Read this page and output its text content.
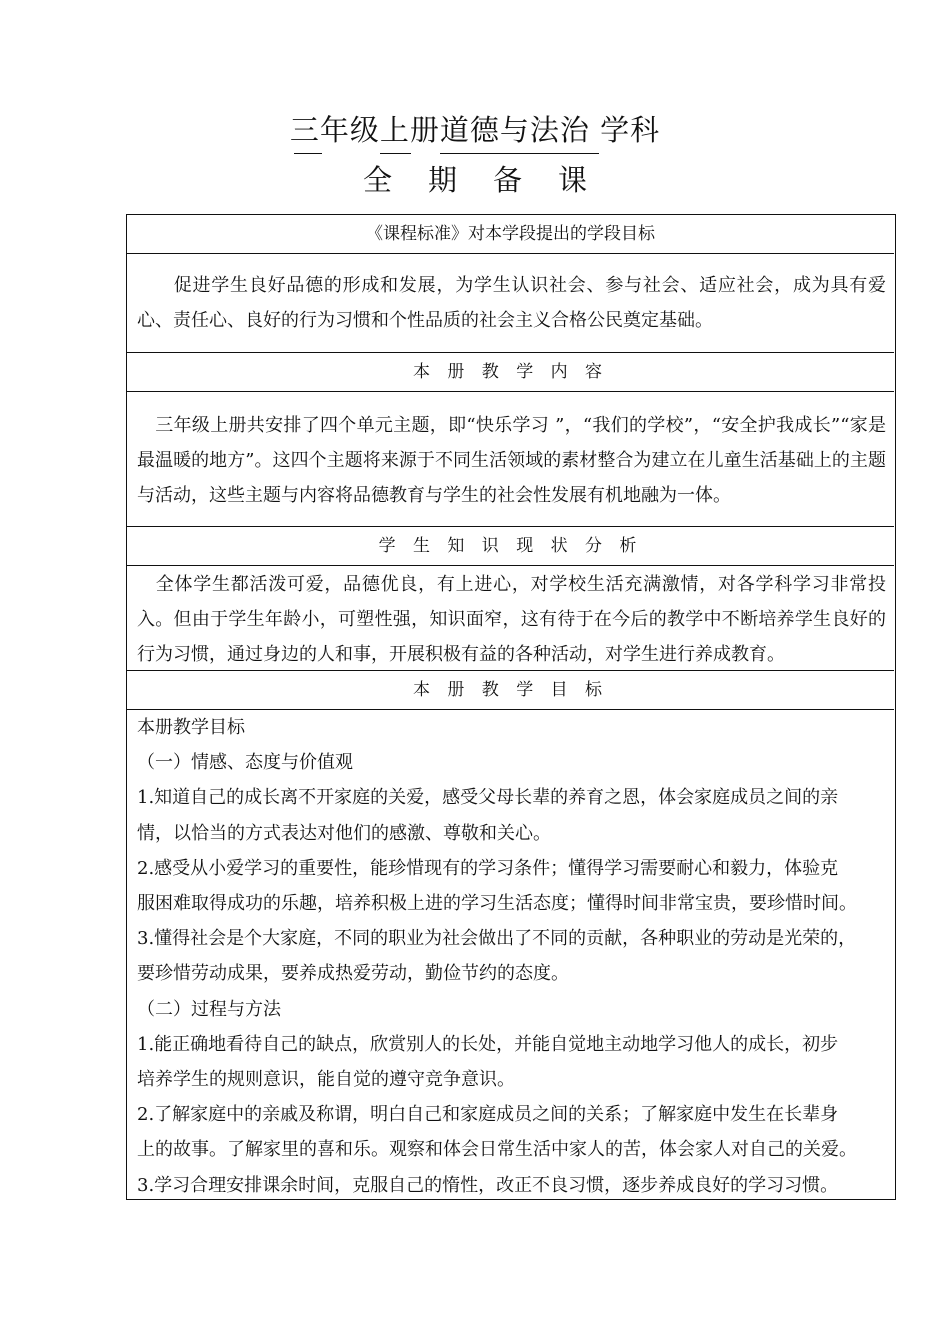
三年级上册道德与法治 学科
全 期 备 课
《课程标准》对本学段提出的学段目标
促进学生良好品德的形成和发展，为学生认识社会、参与社会、适应社会，成为具有爱心、责任心、良好的行为习惯和个性品质的社会主义合格公民奠定基础。
本 册 教 学 内 容
三年级上册共安排了四个单元主题，即“快乐学习 ”，“我们的学校”，“安全护我成长”“家是最温暖的地方”。这四个主题将来源于不同生活领域的素材整合为建立在儿童生活基础上的主题与活动，这些主题与内容将品德教育与学生的社会性发展有机地融为一体。
学 生 知 识 现 状 分 析
全体学生都活泼可爱，品德优良，有上进心，对学校生活充满激情，对各学科学习非常投入。但由于学生年龄小，可塑性强，知识面窄，这有待于在今后的教学中不断培养学生良好的行为习惯，通过身边的人和事，开展积极有益的各种活动，对学生进行养成教育。
本 册 教 学 目 标
本册教学目标
（一）情感、态度与价值观
1.知道自己的成长离不开家庭的关爱，感受父母长辈的养育之恩，体会家庭成员之间的亲
情，以恰当的方式表达对他们的感激、尊敬和关心。
2.感受从小爱学习的重要性，能珍惜现有的学习条件；懂得学习需要耐心和毅力，体验克
服困难取得成功的乐趣，培养积极上进的学习生活态度；懂得时间非常宝贵，要珍惜时间。
3.懂得社会是个大家庭，不同的职业为社会做出了不同的贡献，各种职业的劳动是光荣的，
要珍惜劳动成果，要养成热爱劳动，勤俭节约的态度。
（二）过程与方法
1.能正确地看待自己的缺点，欣赏别人的长处，并能自觉地主动地学习他人的成长，初步
培养学生的规则意识，能自觉的遵守竞争意识。
2.了解家庭中的亲戚及称谓，明白自己和家庭成员之间的关系；了解家庭中发生在长辈身
上的故事。了解家里的喜和乐。观察和体会日常生活中家人的苦，体会家人对自己的关爱。
3.学习合理安排课余时间，克服自己的惰性，改正不良习惯，逐步养成良好的学习习惯。
